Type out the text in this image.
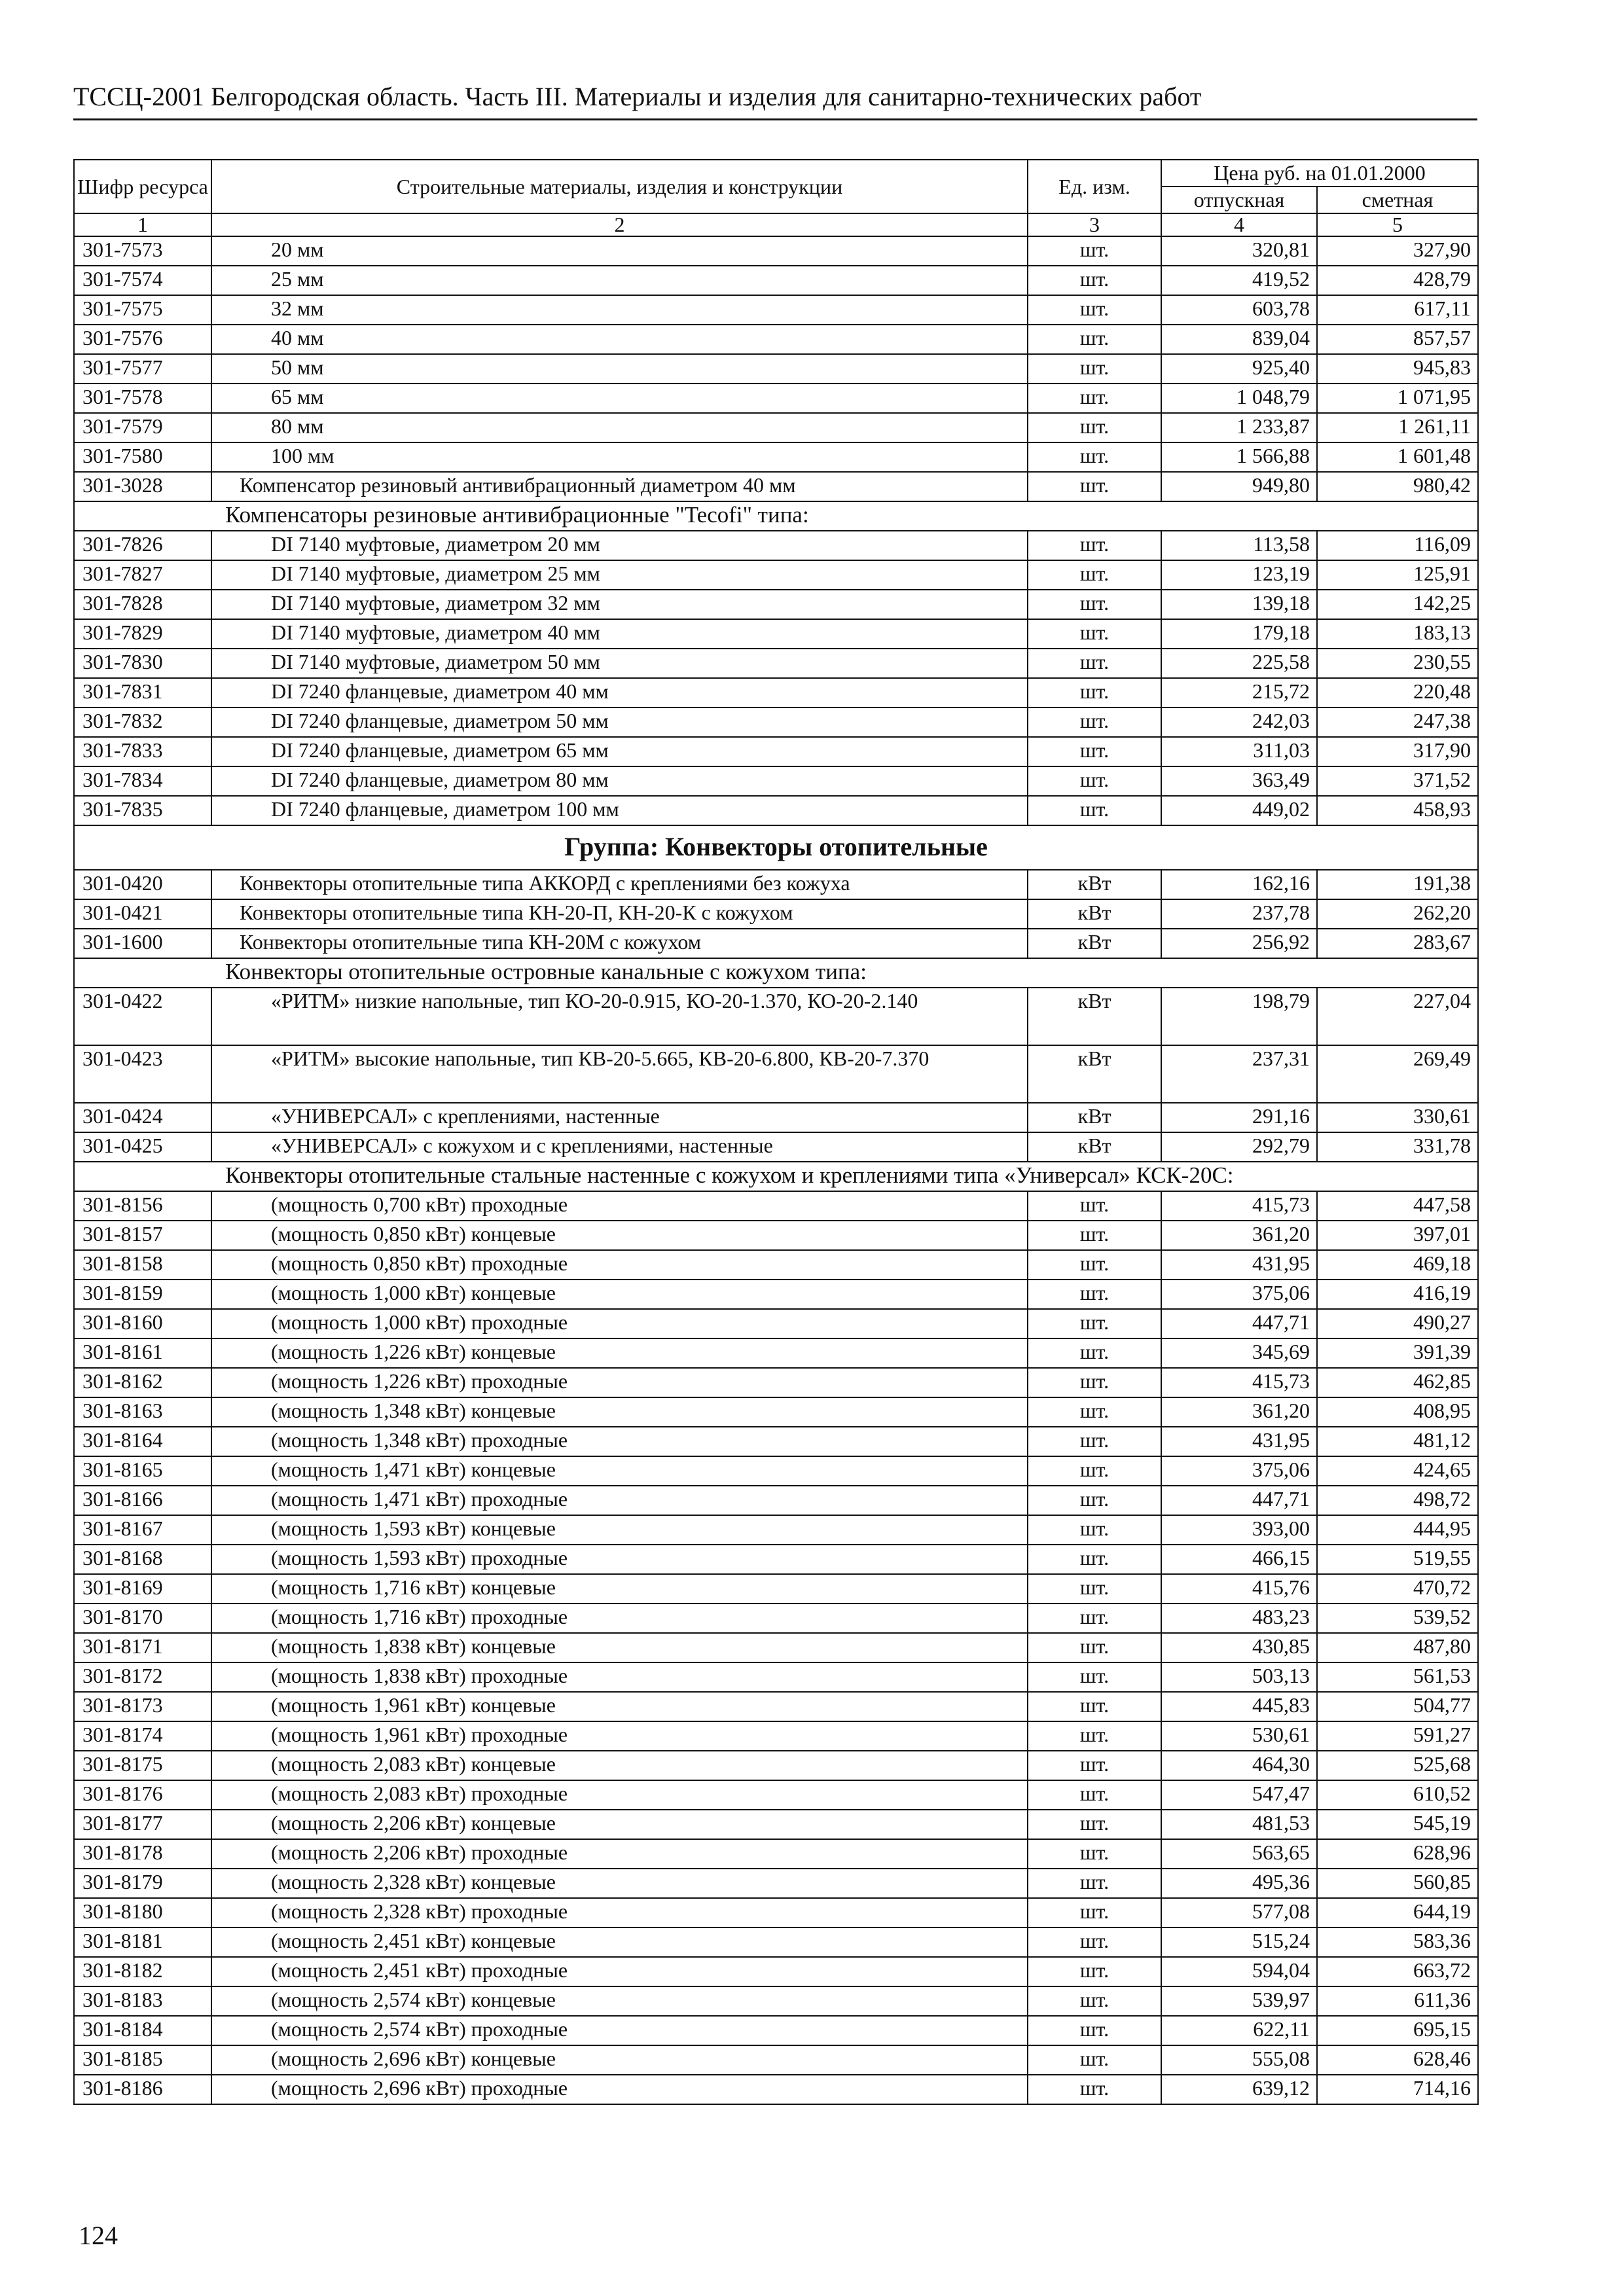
ТССЦ-2001 Белгородская область. Часть III. Материалы и изделия для санитарно-технических работ
Шифр ресурса	Строительные материалы, изделия и конструкции	Ед. изм.	Цена руб. на 01.01.2000	
			отпускная	сметная
1	2	3	4	5
301-7573	20 мм	шт.	320,81	327,90
301-7574	25 мм	шт.	419,52	428,79
301-7575	32 мм	шт.	603,78	617,11
301-7576	40 мм	шт.	839,04	857,57
301-7577	50 мм	шт.	925,40	945,83
301-7578	65 мм	шт.	1 048,79	1 071,95
301-7579	80 мм	шт.	1 233,87	1 261,11
301-7580	100 мм	шт.	1 566,88	1 601,48
301-3028	Компенсатор резиновый антивибрационный диаметром 40 мм	шт.	949,80	980,42
Компенсаторы резиновые антивибрационные "Tecofi" типа:				
301-7826	DI 7140 муфтовые, диаметром 20 мм	шт.	113,58	116,09
301-7827	DI 7140 муфтовые, диаметром 25 мм	шт.	123,19	125,91
301-7828	DI 7140 муфтовые, диаметром 32 мм	шт.	139,18	142,25
301-7829	DI 7140 муфтовые, диаметром 40 мм	шт.	179,18	183,13
301-7830	DI 7140 муфтовые, диаметром 50 мм	шт.	225,58	230,55
301-7831	DI 7240 фланцевые, диаметром 40 мм	шт.	215,72	220,48
301-7832	DI 7240 фланцевые, диаметром 50 мм	шт.	242,03	247,38
301-7833	DI 7240 фланцевые, диаметром 65 мм	шт.	311,03	317,90
301-7834	DI 7240 фланцевые, диаметром 80 мм	шт.	363,49	371,52
301-7835	DI 7240 фланцевые, диаметром 100 мм	шт.	449,02	458,93
Группа: Конвекторы отопительные				
301-0420	Конвекторы отопительные типа АККОРД с креплениями без кожуха	кВт	162,16	191,38
301-0421	Конвекторы отопительные типа КН-20-П, КН-20-К с кожухом	кВт	237,78	262,20
301-1600	Конвекторы отопительные типа КН-20М с кожухом	кВт	256,92	283,67
Конвекторы отопительные островные канальные с кожухом типа:				
301-0422	«РИТМ» низкие напольные, тип КО-20-0.915, КО-20-1.370, КО-20-2.140	кВт	198,79	227,04
301-0423	«РИТМ» высокие напольные, тип КВ-20-5.665, КВ-20-6.800, КВ-20-7.370	кВт	237,31	269,49
301-0424	«УНИВЕРСАЛ» с креплениями, настенные	кВт	291,16	330,61
301-0425	«УНИВЕРСАЛ» с кожухом и с креплениями, настенные	кВт	292,79	331,78
Конвекторы отопительные стальные настенные с кожухом и креплениями типа «Универсал» КСК-20С:				
301-8156	(мощность 0,700 кВт) проходные	шт.	415,73	447,58
301-8157	(мощность 0,850 кВт) концевые	шт.	361,20	397,01
301-8158	(мощность 0,850 кВт) проходные	шт.	431,95	469,18
301-8159	(мощность 1,000 кВт) концевые	шт.	375,06	416,19
301-8160	(мощность 1,000 кВт) проходные	шт.	447,71	490,27
301-8161	(мощность 1,226 кВт) концевые	шт.	345,69	391,39
301-8162	(мощность 1,226 кВт) проходные	шт.	415,73	462,85
301-8163	(мощность 1,348 кВт) концевые	шт.	361,20	408,95
301-8164	(мощность 1,348 кВт) проходные	шт.	431,95	481,12
301-8165	(мощность 1,471 кВт) концевые	шт.	375,06	424,65
301-8166	(мощность 1,471 кВт) проходные	шт.	447,71	498,72
301-8167	(мощность 1,593 кВт) концевые	шт.	393,00	444,95
301-8168	(мощность 1,593 кВт) проходные	шт.	466,15	519,55
301-8169	(мощность 1,716 кВт) концевые	шт.	415,76	470,72
301-8170	(мощность 1,716 кВт) проходные	шт.	483,23	539,52
301-8171	(мощность 1,838 кВт) концевые	шт.	430,85	487,80
301-8172	(мощность 1,838 кВт) проходные	шт.	503,13	561,53
301-8173	(мощность 1,961 кВт) концевые	шт.	445,83	504,77
301-8174	(мощность 1,961 кВт) проходные	шт.	530,61	591,27
301-8175	(мощность 2,083 кВт) концевые	шт.	464,30	525,68
301-8176	(мощность 2,083 кВт) проходные	шт.	547,47	610,52
301-8177	(мощность 2,206 кВт) концевые	шт.	481,53	545,19
301-8178	(мощность 2,206 кВт) проходные	шт.	563,65	628,96
301-8179	(мощность 2,328 кВт) концевые	шт.	495,36	560,85
301-8180	(мощность 2,328 кВт) проходные	шт.	577,08	644,19
301-8181	(мощность 2,451 кВт) концевые	шт.	515,24	583,36
301-8182	(мощность 2,451 кВт) проходные	шт.	594,04	663,72
301-8183	(мощность 2,574 кВт) концевые	шт.	539,97	611,36
301-8184	(мощность 2,574 кВт) проходные	шт.	622,11	695,15
301-8185	(мощность 2,696 кВт) концевые	шт.	555,08	628,46
301-8186	(мощность 2,696 кВт) проходные	шт.	639,12	714,16
124
